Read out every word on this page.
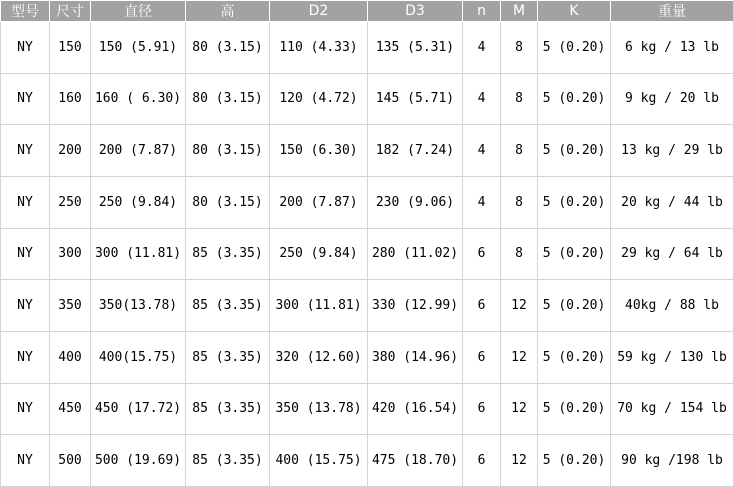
型号	尺寸	直径	高	D2	D3	n	M	K	重量
NY	150	150 (5.91)	80 (3.15)	110 (4.33)	135 (5.31)	4	8	5 (0.20)	6 kg / 13 lb
NY	160	160 ( 6.30)	80 (3.15)	120 (4.72)	145 (5.71)	4	8	5 (0.20)	9 kg / 20 lb
NY	200	200 (7.87)	80 (3.15)	150 (6.30)	182 (7.24)	4	8	5 (0.20)	13 kg / 29 lb
NY	250	250 (9.84)	80 (3.15)	200 (7.87)	230 (9.06)	4	8	5 (0.20)	20 kg / 44 lb
NY	300	300 (11.81)	85 (3.35)	250 (9.84)	280 (11.02)	6	8	5 (0.20)	29 kg / 64 lb
NY	350	350(13.78)	85 (3.35)	300 (11.81)	330 (12.99)	6	12	5 (0.20)	40kg / 88 lb
NY	400	400(15.75)	85 (3.35)	320 (12.60)	380 (14.96)	6	12	5 (0.20)	59 kg / 130 lb
NY	450	450 (17.72)	85 (3.35)	350 (13.78)	420 (16.54)	6	12	5 (0.20)	70 kg / 154 lb
NY	500	500 (19.69)	85 (3.35)	400 (15.75)	475 (18.70)	6	12	5 (0.20)	90 kg /198 lb
